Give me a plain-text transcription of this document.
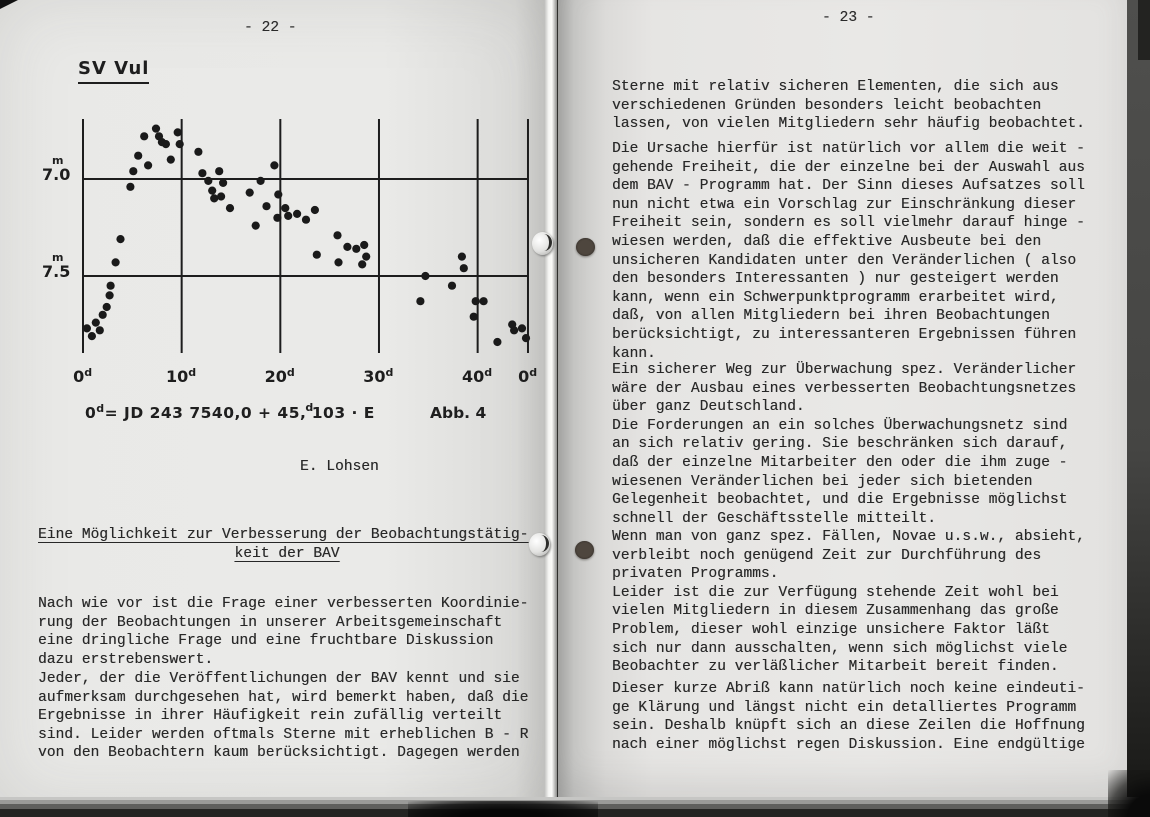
- 22 -
SV Vul
m
7.0
m
7.5
0$^d$	10$^d$	20$^d$	30$^d$	40$^d$ 0$^d$
$0^d=$ JD 243 7540,0 + 45,$^d$103 · E	Abb. 4
E. Lohsen
Eine Möglichkeit zur Verbesserung der Beobachtungstätig-
keit der BAV
Nach wie vor ist die Frage einer verbesserten Koordinie-
rung der Beobachtungen in unserer Arbeitsgemeinschaft
eine dringliche Frage und eine fruchtbare Diskussion
dazu erstrebenswert.
Jeder, der die Veröffentlichungen der BAV kennt und sie
aufmerksam durchgesehen hat, wird bemerkt haben, daß die
Ergebnisse in ihrer Häufigkeit rein zufällig verteilt
sind. Leider werden oftmals Sterne mit erheblichen B - R
von den Beobachtern kaum berücksichtigt. Dagegen werden
- 23 -
Sterne mit relativ sicheren Elementen, die sich aus
verschiedenen Gründen besonders leicht beobachten
lassen, von vielen Mitgliedern sehr häufig beobachtet.
Die Ursache hierfür ist natürlich vor allem die weit -
gehende Freiheit, die der einzelne bei der Auswahl aus
dem BAV - Programm hat. Der Sinn dieses Aufsatzes soll
nun nicht etwa ein Vorschlag zur Einschränkung dieser
Freiheit sein, sondern es soll vielmehr darauf hinge -
wiesen werden, daß die effektive Ausbeute bei den
unsicheren Kandidaten unter den Veränderlichen ( also
den besonders Interessanten ) nur gesteigert werden
kann, wenn ein Schwerpunktprogramm erarbeitet wird,
daß, von allen Mitgliedern bei ihren Beobachtungen
berücksichtigt, zu interessanteren Ergebnissen führen
kann.
Ein sicherer Weg zur Überwachung spez. Veränderlicher
wäre der Ausbau eines verbesserten Beobachtungsnetzes
über ganz Deutschland.
Die Forderungen an ein solches Überwachungsnetz sind
an sich relativ gering. Sie beschränken sich darauf,
daß der einzelne Mitarbeiter den oder die ihm zuge -
wiesenen Veränderlichen bei jeder sich bietenden
Gelegenheit beobachtet, und die Ergebnisse möglichst
schnell der Geschäftsstelle mitteilt.
Wenn man von ganz spez. Fällen, Novae u.s.w., absieht,
verbleibt noch genügend Zeit zur Durchführung des
privaten Programms.
Leider ist die zur Verfügung stehende Zeit wohl bei
vielen Mitgliedern in diesem Zusammenhang das große
Problem, dieser wohl einzige unsichere Faktor läßt
sich nur dann ausschalten, wenn sich möglichst viele
Beobachter zu verläßlicher Mitarbeit bereit finden.
Dieser kurze Abriß kann natürlich noch keine eindeuti-
ge Klärung und längst nicht ein detalliertes Programm
sein. Deshalb knüpft sich an diese Zeilen die Hoffnung
nach einer möglichst regen Diskussion. Eine endgültige
